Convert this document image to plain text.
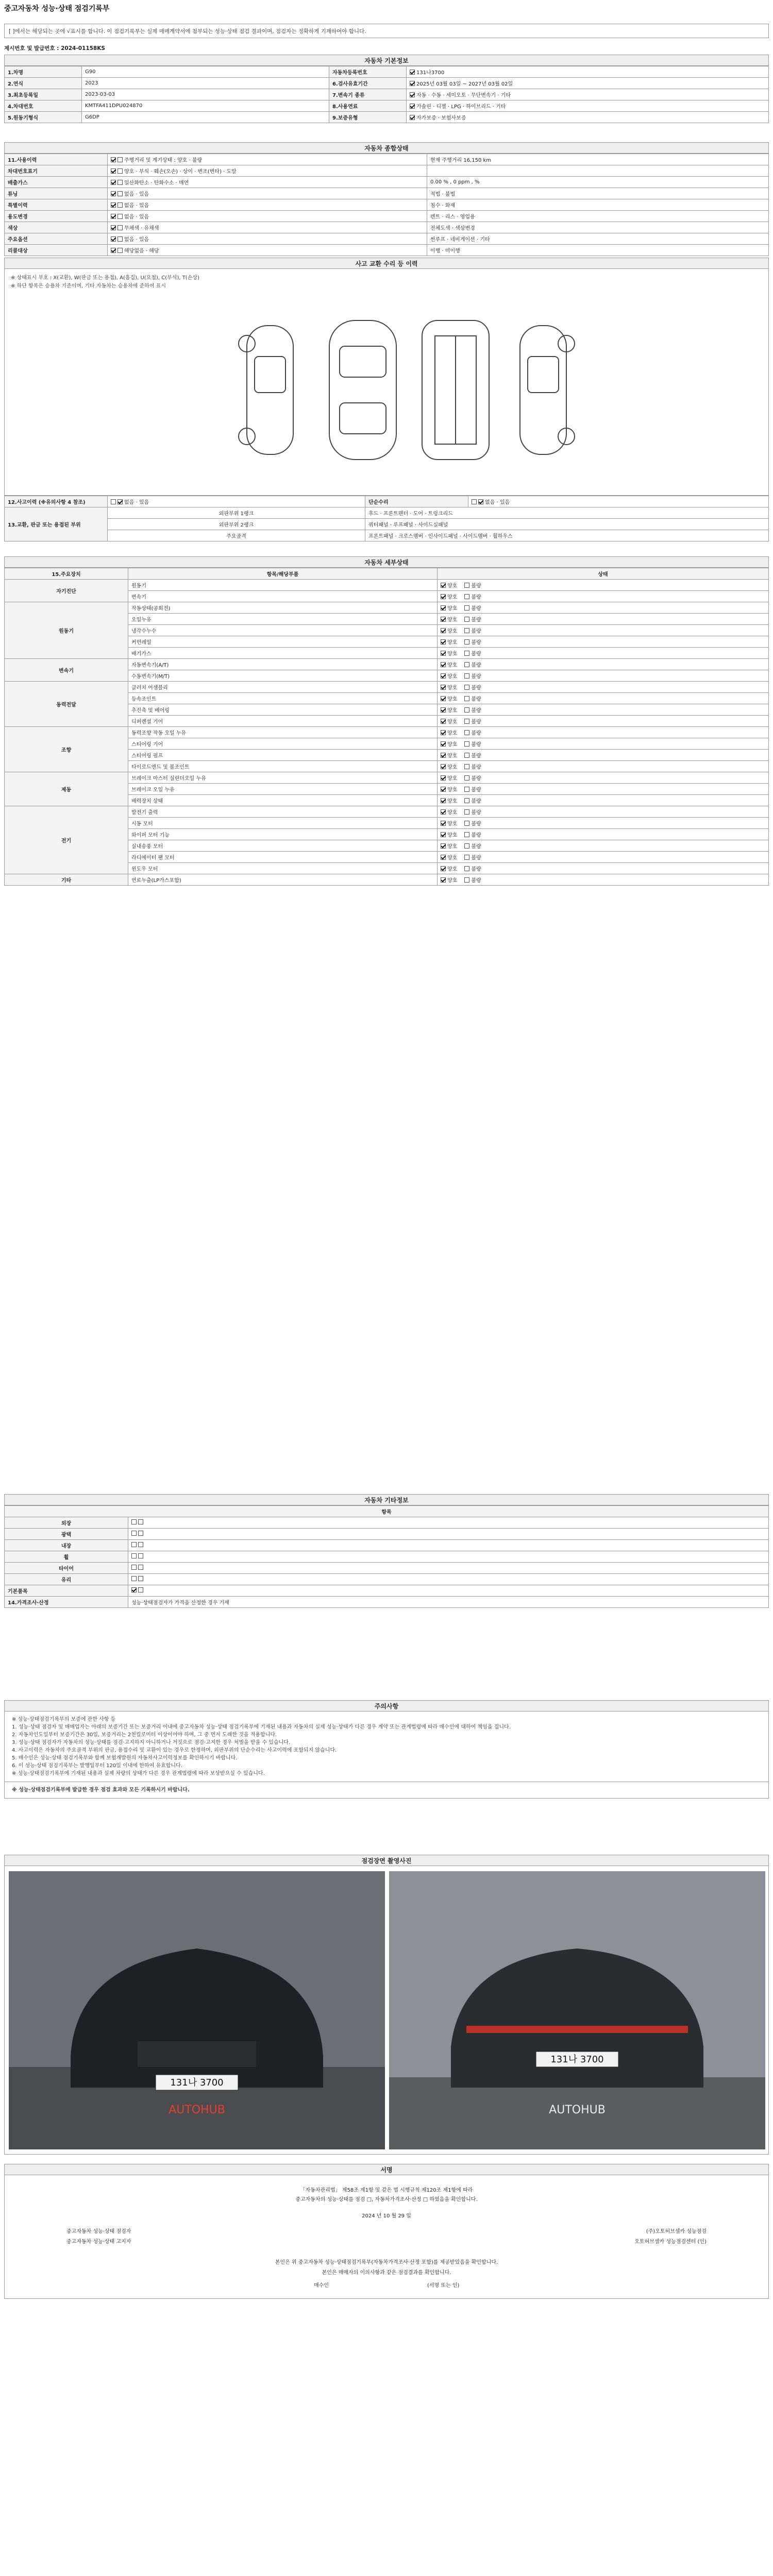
중고자동차 성능·상태 점검기록부
[ ]에서는 해당되는 곳에 √표시를 합니다. 이 점검기록부는 실제 매매계약서에 첨부되는 성능·상태 점검 결과이며, 점검자는 정확하게 기재하여야 합니다.
제시번호 및 발급번호 : 2024-01158KS
자동차 기본정보
1.차명	G90	자동차등록번호	131나3700
2.연식	2023	6.검사유효기간	2025년 03월 03일 ~ 2027년 03월 02일
3.최초등록일	2023-03-03	7.변속기 종류	자동 · 수동 · 세미오토 · 무단변속기 · 기타
4.차대번호	KMTFA411DPU024870	8.사용연료	가솔린 · 디젤 · LPG · 하이브리드 · 기타
5.원동기형식	G6DP	9.보증유형	자가보증 · 보험사보증
자동차 종합상태
11.사용이력	주행거리 및 계기상태 : 양호 · 불량	현재 주행거리 16,150 km
차대번호표기	양호 · 부식 · 훼손(오손) · 상이 · 변조(변타) · 도말	
배출가스	일산화탄소 · 탄화수소 · 매연	0.00 % , 0 ppm , %
튜닝	없음 · 있음	적법 · 불법
특별이력	없음 · 있음	침수 · 화재
용도변경	없음 · 있음	렌트 · 리스 · 영업용
색상	무채색 · 유채색	전체도색 · 색상변경
주요옵션	없음 · 있음	썬루프 · 네비게이션 · 기타
리콜대상	해당없음 · 해당	이행 · 미이행
사고 교환 수리 등 이력
※ 상태표시 부호 : X(교환), W(판금 또는 용접), A(흠집), U(요철), C(부식), T(손상)
※ 하단 항목은 승용차 기준이며, 기타 자동차는 승용차에 준하여 표시
12.사고이력 (※유의사항 4 참조)	없음 · 있음	단순수리	없음 · 있음
13.교환, 판금 또는 용접된 부위	외판부위 1랭크	후드 · 프론트펜더 · 도어 · 트렁크리드	
	외판부위 2랭크	쿼터패널 · 루프패널 · 사이드실패널	
	주요골격	프론트패널 · 크로스멤버 · 인사이드패널 · 사이드멤버 · 휠하우스	
자동차 세부상태
15.주요장치	항목/해당부품	상태
자기진단	원동기	양호 불량
	변속기	양호 불량
원동기	작동상태(공회전)	양호 불량
	오일누유	양호 불량
	냉각수누수	양호 불량
	커먼레일	양호 불량
	배기가스	양호 불량
변속기	자동변속기(A/T)	양호 불량
	수동변속기(M/T)	양호 불량
동력전달	클러치 어셈블리	양호 불량
	등속조인트	양호 불량
	추진축 및 베어링	양호 불량
	디퍼렌셜 기어	양호 불량
조향	동력조향 작동 오일 누유	양호 불량
	스티어링 기어	양호 불량
	스티어링 펌프	양호 불량
	타이로드엔드 및 볼조인트	양호 불량
제동	브레이크 마스터 실린더오일 누유	양호 불량
	브레이크 오일 누유	양호 불량
	배력장치 상태	양호 불량
전기	발전기 출력	양호 불량
	시동 모터	양호 불량
	와이퍼 모터 기능	양호 불량
	실내송풍 모터	양호 불량
	라디에이터 팬 모터	양호 불량
	윈도우 모터	양호 불량
기타	연료누출(LP가스포함)	양호 불량
자동차 기타정보
항목	
외장	
광택	
내장	
휠	
타이어	
유리	
기본품목	
14.가격조사·산정	성능·상태점검자가 가격을 산정한 경우 기재
주의사항
※ 성능·상태점검기록부의 보증에 관한 사항 등
1. 성능·상태 점검자 및 매매업자는 아래의 보증기간 또는 보증거리 이내에 중고자동차 성능·상태 점검기록부에 기재된 내용과 자동차의 실제 성능·상태가 다른 경우 계약 또는 관계법령에 따라 매수인에 대하여 책임을 집니다.
2. 자동차인도일부터 보증기간은 30일, 보증거리는 2천킬로미터 이상이어야 하며, 그 중 먼저 도래한 것을 적용합니다.
3. 성능·상태 점검자가 자동차의 성능·상태를 점검·고지하지 아니하거나 거짓으로 점검·고지한 경우 처벌을 받을 수 있습니다.
4. 사고이력은 자동차의 주요골격 부위의 판금, 용접수리 및 교환이 있는 경우로 한정하며, 외판부위의 단순수리는 사고이력에 포함되지 않습니다.
5. 매수인은 성능·상태 점검기록부와 함께 보험개발원의 자동차사고이력정보를 확인하시기 바랍니다.
6. 이 성능·상태 점검기록부는 발행일부터 120일 이내에 한하여 유효합니다.
※ 성능·상태점검기록부에 기재된 내용과 실제 차량의 상태가 다른 경우 관계법령에 따라 보상받으실 수 있습니다.
※ 성능·상태점검기록부에 발급한 경우 점검 효과와 모든 기록하시기 바랍니다.
점검장면 촬영사진
131나 3700
AUTOHUB
131나 3700
AUTOHUB
서명
「자동차관리법」 제58조 제1항 및 같은 법 시행규칙 제120조 제1항에 따라
중고자동차의 성능·상태를 점검 □, 자동차가격조사·산정 □ 하였음을 확인합니다.
2024 년 10 월 29 일
중고자동차 성능·상태 점검자	(주)오토허브셀카 성능점검
중고자동차 성능·상태 고지자	오토허브셀카 성능점검센터 (인)
본인은 위 중고자동차 성능·상태점검기록부(자동차가격조사·산정 포함)를 제공받았음을 확인합니다.
본인은 매매자의 이의사항과 같은 점검결과를 확인합니다.
매수인	(서명 또는 인)
